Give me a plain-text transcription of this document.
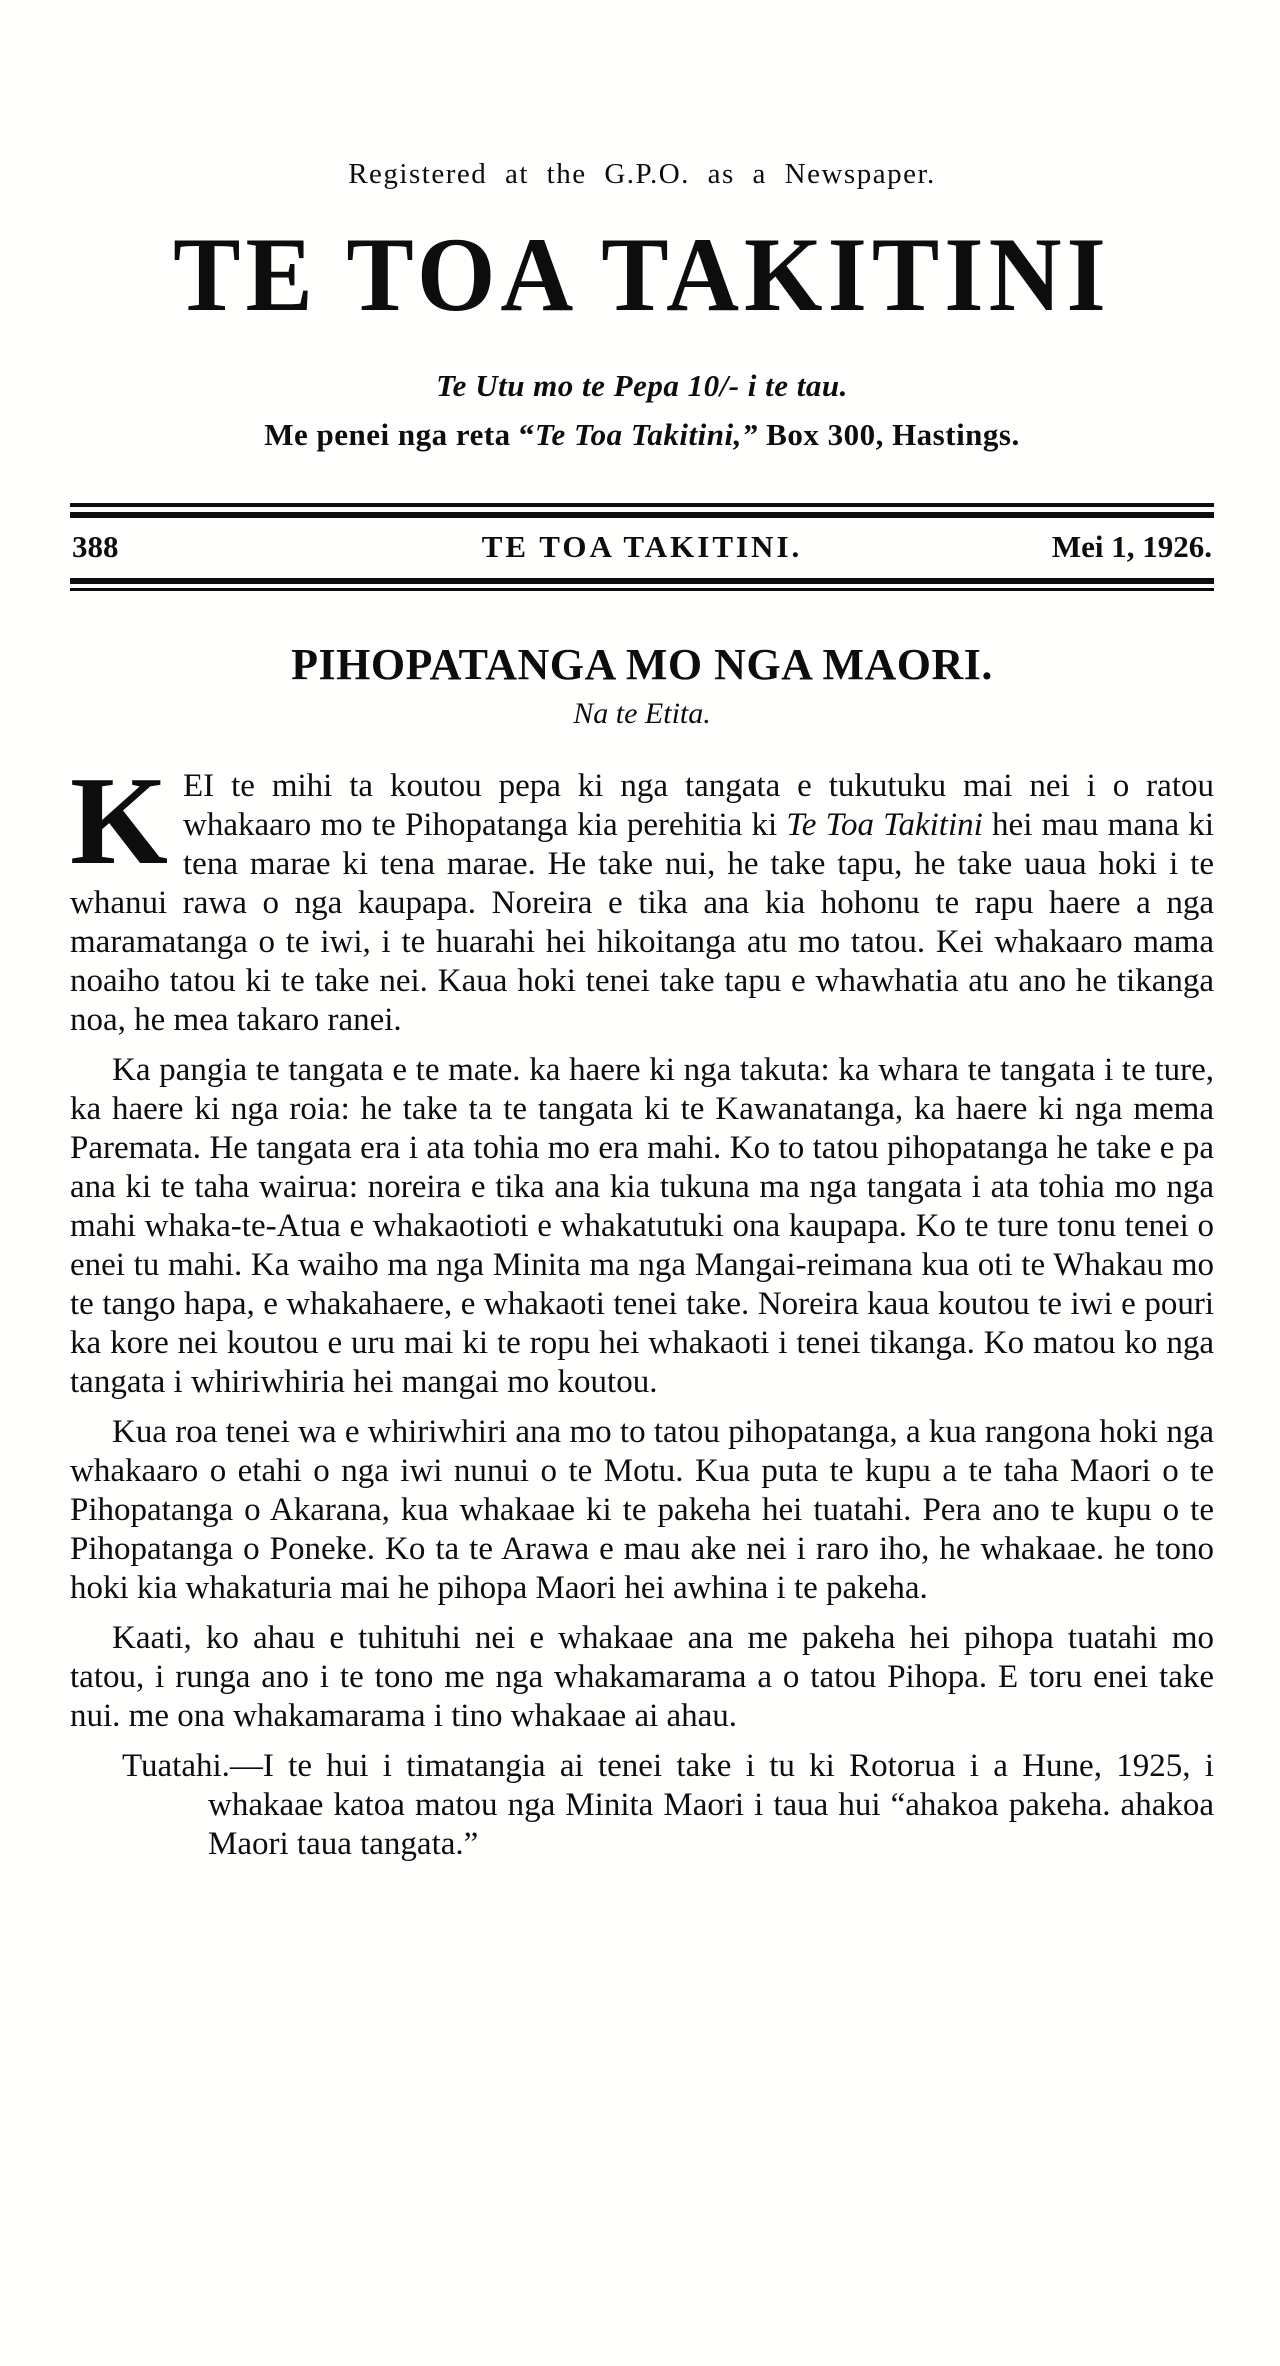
Registered at the G.P.O. as a Newspaper.
TE TOA TAKITINI
Te Utu mo te Pepa 10/- i te tau.
Me penei nga reta “Te Toa Takitini,” Box 300, Hastings.
388	TE TOA TAKITINI.	Mei 1, 1926.
PIHOPATANGA MO NGA MAORI.
Na te Etita.

KEI te mihi ta koutou pepa ki nga tangata e tukutuku mai nei i o ratou whakaaro mo te Pihopatanga kia perehitia ki Te Toa Takitini hei mau mana ki tena marae ki tena marae. He take nui, he take tapu, he take uaua hoki i te whanui rawa o nga kaupapa. Noreira e tika ana kia hohonu te rapu haere a nga maramatanga o te iwi, i te huarahi hei hikoitanga atu mo tatou. Kei whakaaro mama noaiho tatou ki te take nei. Kaua hoki tenei take tapu e whawhatia atu ano he tikanga noa, he mea takaro ranei.

Ka pangia te tangata e te mate. ka haere ki nga takuta: ka whara te tangata i te ture, ka haere ki nga roia: he take ta te tangata ki te Kawanatanga, ka haere ki nga mema Paremata. He tangata era i ata tohia mo era mahi. Ko to tatou pihopatanga he take e pa ana ki te taha wairua: noreira e tika ana kia tukuna ma nga tangata i ata tohia mo nga mahi whaka-te-Atua e whakaotioti e whakatutuki ona kaupapa. Ko te ture tonu tenei o enei tu mahi. Ka waiho ma nga Minita ma nga Mangai-reimana kua oti te Whakau mo te tango hapa, e whakahaere, e whakaoti tenei take. Noreira kaua koutou te iwi e pouri ka kore nei koutou e uru mai ki te ropu hei whakaoti i tenei tikanga. Ko matou ko nga tangata i whiriwhiria hei mangai mo koutou.

Kua roa tenei wa e whiriwhiri ana mo to tatou pihopatanga, a kua rangona hoki nga whakaaro o etahi o nga iwi nunui o te Motu. Kua puta te kupu a te taha Maori o te Pihopatanga o Akarana, kua whakaae ki te pakeha hei tuatahi. Pera ano te kupu o te Pihopatanga o Poneke. Ko ta te Arawa e mau ake nei i raro iho, he whakaae. he tono hoki kia whakaturia mai he pihopa Maori hei awhina i te pakeha.

Kaati, ko ahau e tuhituhi nei e whakaae ana me pakeha hei pihopa tuatahi mo tatou, i runga ano i te tono me nga whakamarama a o tatou Pihopa. E toru enei take nui. me ona whakamarama i tino whakaae ai ahau.

Tuatahi.—I te hui i timatangia ai tenei take i tu ki Rotorua i a Hune, 1925, i whakaae katoa matou nga Minita Maori i taua hui “ahakoa pakeha. ahakoa Maori taua tangata.”
